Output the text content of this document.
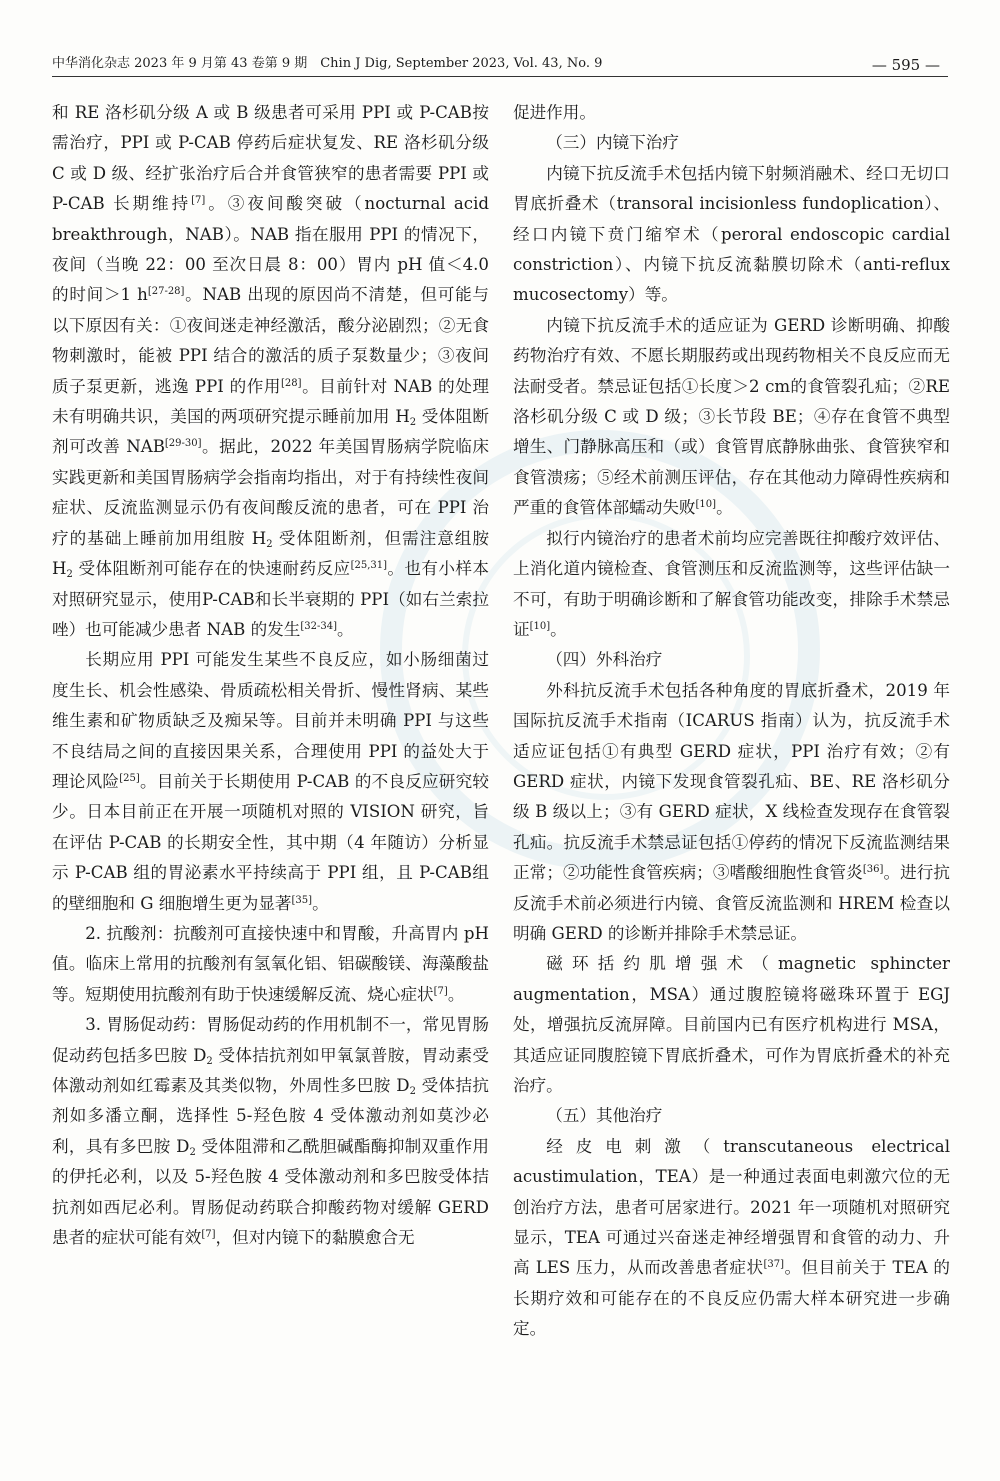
中华消化杂志 2023 年 9 月第 43 卷第 9 期　Chin J Dig, September 2023, Vol. 43, No. 9	— 595 —

和 RE 洛杉矶分级 A 或 B 级患者可采用 PPI 或 P-CAB按需治疗，PPI 或 P-CAB 停药后症状复发、RE 洛杉矶分级 C 或 D 级、经扩张治疗后合并食管狭窄的患者需要 PPI 或 P-CAB 长期维持[7]。③夜间酸突破（nocturnal acid breakthrough，NAB）。NAB 指在服用 PPI 的情况下，夜间（当晚 22：00 至次日晨 8：00）胃内 pH 值＜4.0 的时间＞1 h[27-28]。NAB 出现的原因尚不清楚，但可能与以下原因有关：①夜间迷走神经激活，酸分泌剧烈；②无食物刺激时，能被 PPI 结合的激活的质子泵数量少；③夜间质子泵更新，逃逸 PPI 的作用[28]。目前针对 NAB 的处理未有明确共识，美国的两项研究提示睡前加用 $H_2$ 受体阻断剂可改善 NAB[29-30]。据此，2022 年美国胃肠病学院临床实践更新和美国胃肠病学会指南均指出，对于有持续性夜间症状、反流监测显示仍有夜间酸反流的患者，可在 PPI 治疗的基础上睡前加用组胺 $H_2$ 受体阻断剂，但需注意组胺 $H_2$ 受体阻断剂可能存在的快速耐药反应[25,31]。也有小样本对照研究显示，使用P-CAB和长半衰期的 PPI（如右兰索拉唑）也可能减少患者 NAB 的发生[32-34]。

长期应用 PPI 可能发生某些不良反应，如小肠细菌过度生长、机会性感染、骨质疏松相关骨折、慢性肾病、某些维生素和矿物质缺乏及痴呆等。目前并未明确 PPI 与这些不良结局之间的直接因果关系，合理使用 PPI 的益处大于理论风险[25]。目前关于长期使用 P-CAB 的不良反应研究较少。日本目前正在开展一项随机对照的 VISION 研究，旨在评估 P-CAB 的长期安全性，其中期（4 年随访）分析显示 P-CAB 组的胃泌素水平持续高于 PPI 组，且 P-CAB组的壁细胞和 G 细胞增生更为显著[35]。

2. 抗酸剂：抗酸剂可直接快速中和胃酸，升高胃内 pH 值。临床上常用的抗酸剂有氢氧化铝、铝碳酸镁、海藻酸盐等。短期使用抗酸剂有助于快速缓解反流、烧心症状[7]。

3. 胃肠促动药：胃肠促动药的作用机制不一，常见胃肠促动药包括多巴胺 $D_2$ 受体拮抗剂如甲氧氯普胺，胃动素受体激动剂如红霉素及其类似物，外周性多巴胺 $D_2$ 受体拮抗剂如多潘立酮，选择性 5-羟色胺 4 受体激动剂如莫沙必利，具有多巴胺 $D_2$ 受体阻滞和乙酰胆碱酯酶抑制双重作用的伊托必利，以及 5-羟色胺 4 受体激动剂和多巴胺受体拮抗剂如西尼必利。胃肠促动药联合抑酸药物对缓解 GERD 患者的症状可能有效[7]，但对内镜下的黏膜愈合无

促进作用。

（三）内镜下治疗

内镜下抗反流手术包括内镜下射频消融术、经口无切口胃底折叠术（transoral incisionless fundoplication）、经口内镜下贲门缩窄术（peroral endoscopic cardial constriction）、内镜下抗反流黏膜切除术（anti-reflux mucosectomy）等。

内镜下抗反流手术的适应证为 GERD 诊断明确、抑酸药物治疗有效、不愿长期服药或出现药物相关不良反应而无法耐受者。禁忌证包括①长度＞2 cm的食管裂孔疝；②RE 洛杉矶分级 C 或 D 级；③长节段 BE；④存在食管不典型增生、门静脉高压和（或）食管胃底静脉曲张、食管狭窄和食管溃疡；⑤经术前测压评估，存在其他动力障碍性疾病和严重的食管体部蠕动失败[10]。

拟行内镜治疗的患者术前均应完善既往抑酸疗效评估、上消化道内镜检查、食管测压和反流监测等，这些评估缺一不可，有助于明确诊断和了解食管功能改变，排除手术禁忌证[10]。

（四）外科治疗

外科抗反流手术包括各种角度的胃底折叠术，2019 年国际抗反流手术指南（ICARUS 指南）认为，抗反流手术适应证包括①有典型 GERD 症状，PPI 治疗有效；②有 GERD 症状，内镜下发现食管裂孔疝、BE、RE 洛杉矶分级 B 级以上；③有 GERD 症状，X 线检查发现存在食管裂孔疝。抗反流手术禁忌证包括①停药的情况下反流监测结果正常；②功能性食管疾病；③嗜酸细胞性食管炎[36]。进行抗反流手术前必须进行内镜、食管反流监测和 HREM 检查以明确 GERD 的诊断并排除手术禁忌证。

磁环括约肌增强术（magnetic sphincter augmentation，MSA）通过腹腔镜将磁珠环置于 EGJ 处，增强抗反流屏障。目前国内已有医疗机构进行 MSA，其适应证同腹腔镜下胃底折叠术，可作为胃底折叠术的补充治疗。

（五）其他治疗

经皮电刺激（transcutaneous electrical acustimulation，TEA）是一种通过表面电刺激穴位的无创治疗方法，患者可居家进行。2021 年一项随机对照研究显示，TEA 可通过兴奋迷走神经增强胃和食管的动力、升高 LES 压力，从而改善患者症状[37]。但目前关于 TEA 的长期疗效和可能存在的不良反应仍需大样本研究进一步确定。
